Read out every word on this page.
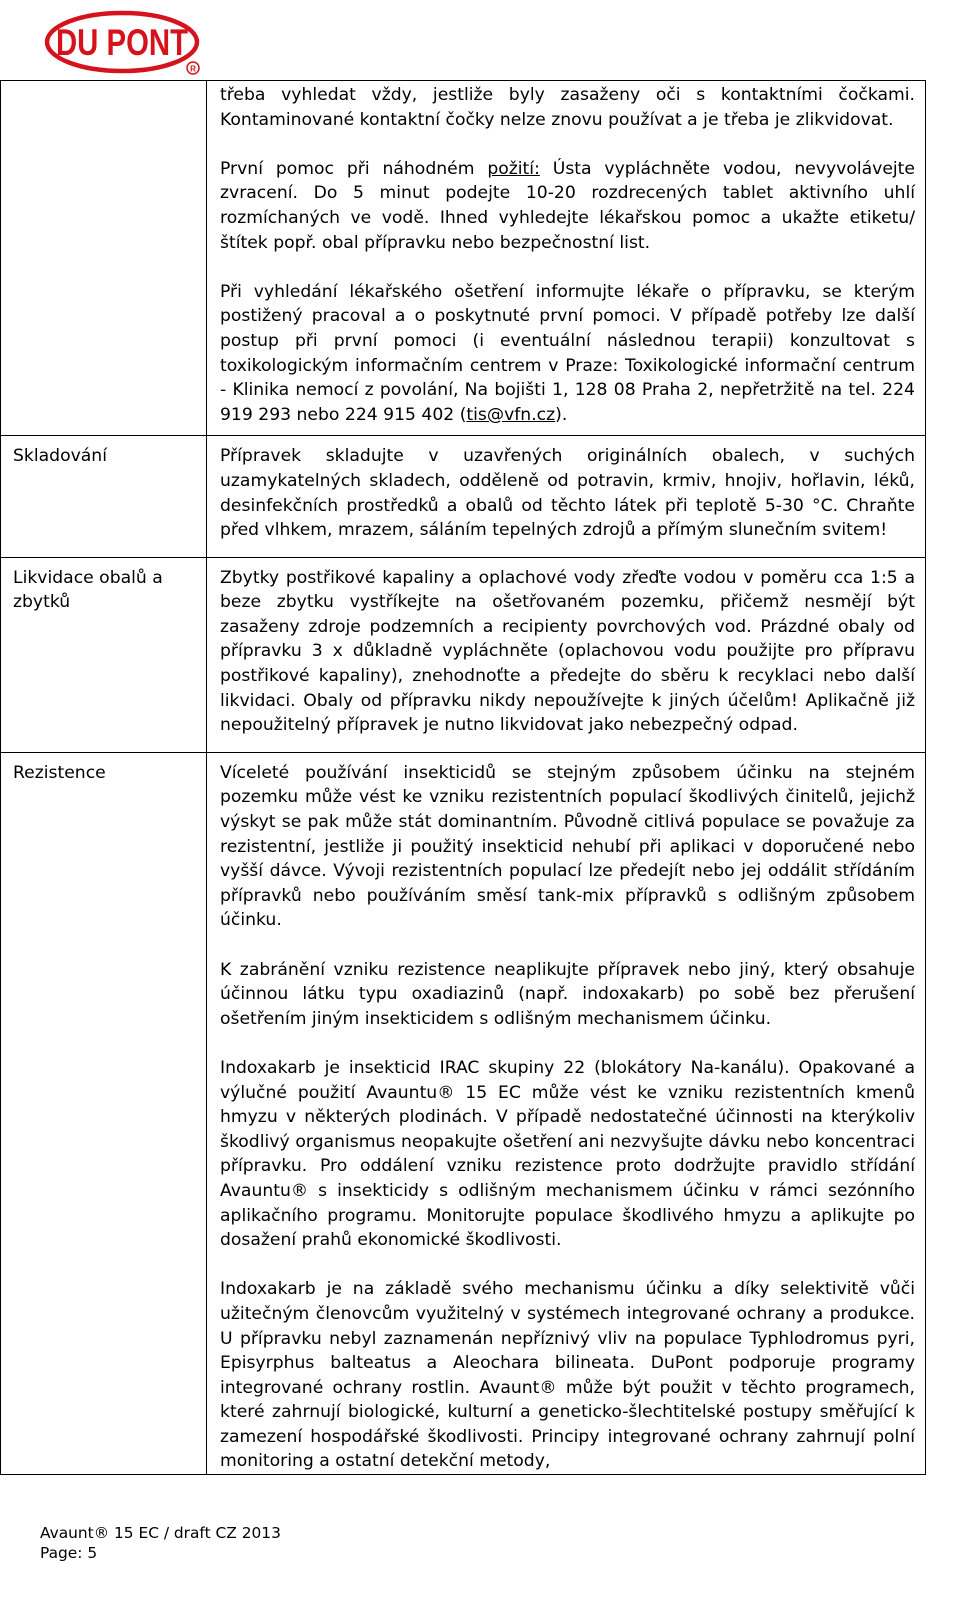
DU PONT
R

	třeba vyhledat vždy, jestliže byly zasaženy oči s kontaktními čočkami. Kontaminované kontaktní čočky nelze znovu používat a je třeba je zlikvidovat.

První pomoc při náhodném požití: Ústa vypláchněte vodou, nevyvolávejte zvracení. Do 5 minut podejte 10-20 rozdrecených tablet aktivního uhlí rozmíchaných ve vodě. Ihned vyhledejte lékařskou pomoc a ukažte etiketu/štítek popř. obal přípravku nebo bezpečnostní list.

Při vyhledání lékařského ošetření informujte lékaře o přípravku, se kterým postižený pracoval a o poskytnuté první pomoci. V případě potřeby lze další postup při první pomoci (i eventuální následnou terapii) konzultovat s toxikologickým informačním centrem v Praze: Toxikologické informační centrum - Klinika nemocí z povolání, Na bojišti 1, 128 08 Praha 2, nepřetržitě na tel. 224 919 293 nebo 224 915 402 (tis@vfn.cz).

Skladování	Přípravek skladujte v uzavřených originálních obalech, v suchých uzamykatelných skladech, odděleně od potravin, krmiv, hnojiv, hořlavin, léků, desinfekčních prostředků a obalů od těchto látek při teplotě 5-30 °C. Chraňte před vlhkem, mrazem, sáláním tepelných zdrojů a přímým slunečním svitem!
Likvidace obalů a zbytků	Zbytky postřikové kapaliny a oplachové vody zřeďte vodou v poměru cca 1:5 a beze zbytku vystříkejte na ošetřovaném pozemku, přičemž nesmějí být zasaženy zdroje podzemních a recipienty povrchových vod. Prázdné obaly od přípravku 3 x důkladně vypláchněte (oplachovou vodu použijte pro přípravu postřikové kapaliny), znehodnoťte a předejte do sběru k recyklaci nebo další likvidaci. Obaly od přípravku nikdy nepoužívejte k jiných účelům! Aplikačně již nepoužitelný přípravek je nutno likvidovat jako nebezpečný odpad.
Rezistence	Víceleté používání insekticidů se stejným způsobem účinku na stejném pozemku může vést ke vzniku rezistentních populací škodlivých činitelů, jejichž výskyt se pak může stát dominantním. Původně citlivá populace se považuje za rezistentní, jestliže ji použitý insekticid nehubí při aplikaci v doporučené nebo vyšší dávce. Vývoji rezistentních populací lze předejít nebo jej oddálit střídáním přípravků nebo používáním směsí tank-mix přípravků s odlišným způsobem účinku.

K zabránění vzniku rezistence neaplikujte přípravek nebo jiný, který obsahuje účinnou látku typu oxadiazinů (např. indoxakarb) po sobě bez přerušení ošetřením jiným insekticidem s odlišným mechanismem účinku.

Indoxakarb je insekticid IRAC skupiny 22 (blokátory Na-kanálu). Opakované a výlučné použití Avauntu® 15 EC může vést ke vzniku rezistentních kmenů hmyzu v některých plodinách. V případě nedostatečné účinnosti na kterýkoliv škodlivý organismus neopakujte ošetření ani nezvyšujte dávku nebo koncentraci přípravku. Pro oddálení vzniku rezistence proto dodržujte pravidlo střídání Avauntu® s insekticidy s odlišným mechanismem účinku v rámci sezónního aplikačního programu. Monitorujte populace škodlivého hmyzu a aplikujte po dosažení prahů ekonomické škodlivosti.

Indoxakarb je na základě svého mechanismu účinku a díky selektivitě vůči užitečným členovcům využitelný v systémech integrované ochrany a produkce. U přípravku nebyl zaznamenán nepříznivý vliv na populace Typhlodromus pyri, Episyrphus balteatus a Aleochara bilineata. DuPont podporuje programy integrované ochrany rostlin. Avaunt® může být použit v těchto programech, které zahrnují biologické, kulturní a geneticko-šlechtitelské postupy směřující k zamezení hospodářské škodlivosti. Principy integrované ochrany zahrnují polní monitoring a ostatní detekční metody,

Avaunt® 15 EC / draft CZ 2013
Page: 5
